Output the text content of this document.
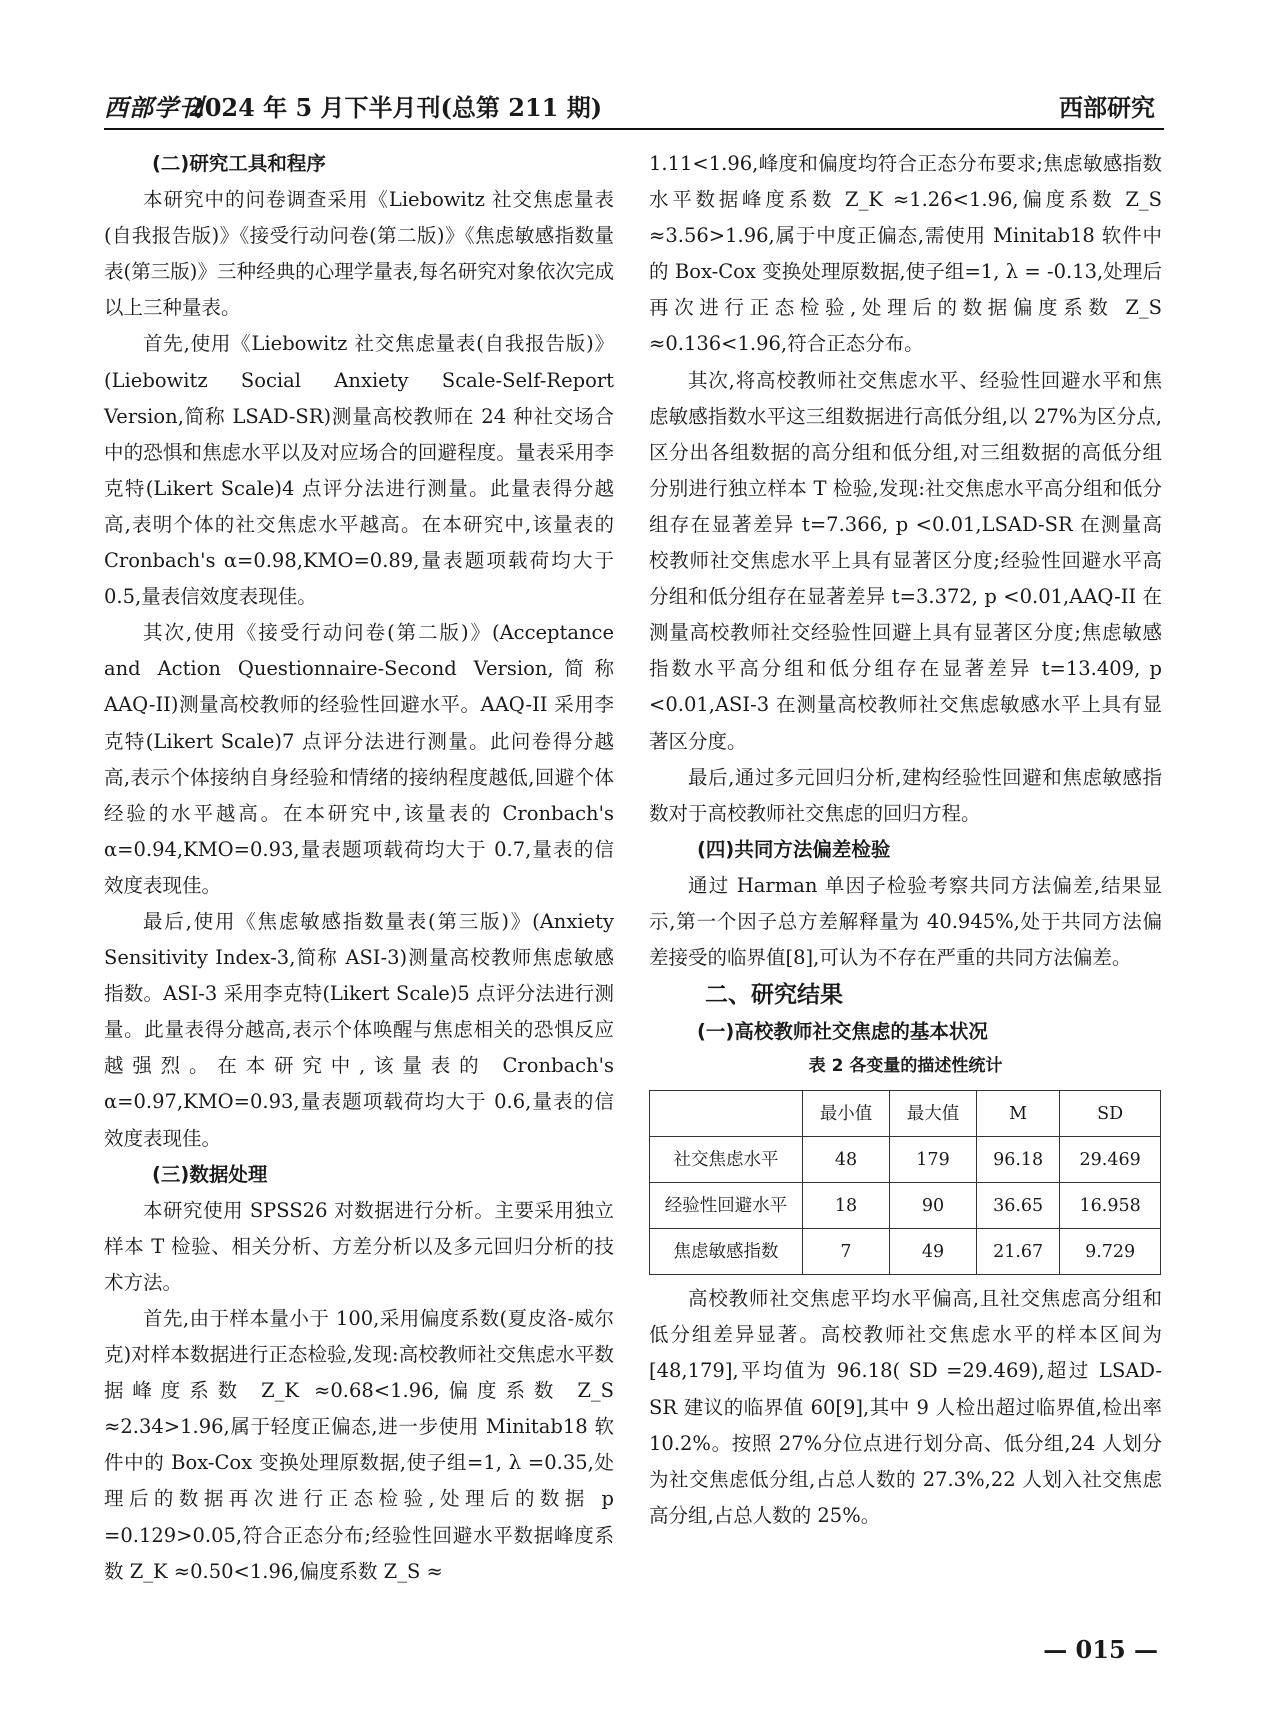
西部学刊
2024 年 5 月下半月刊(总第 211 期)	西部研究
(二)研究工具和程序

本研究中的问卷调查采用《Liebowitz 社交焦虑量表(自我报告版)》《接受行动问卷(第二版)》《焦虑敏感指数量表(第三版)》三种经典的心理学量表,每名研究对象依次完成以上三种量表。

首先,使用《Liebowitz 社交焦虑量表(自我报告版)》(Liebowitz Social Anxiety Scale-Self-Report Version,简称 LSAD-SR)测量高校教师在 24 种社交场合中的恐惧和焦虑水平以及对应场合的回避程度。量表采用李克特(Likert Scale)4 点评分法进行测量。此量表得分越高,表明个体的社交焦虑水平越高。在本研究中,该量表的 Cronbach's α=0.98,KMO=0.89,量表题项载荷均大于 0.5,量表信效度表现佳。

其次,使用《接受行动问卷(第二版)》(Acceptance and Action Questionnaire-Second Version,简称 AAQ-II)测量高校教师的经验性回避水平。AAQ-II 采用李克特(Likert Scale)7 点评分法进行测量。此问卷得分越高,表示个体接纳自身经验和情绪的接纳程度越低,回避个体经验的水平越高。在本研究中,该量表的 Cronbach's α=0.94,KMO=0.93,量表题项载荷均大于 0.7,量表的信效度表现佳。

最后,使用《焦虑敏感指数量表(第三版)》(Anxiety Sensitivity Index-3,简称 ASI-3)测量高校教师焦虑敏感指数。ASI-3 采用李克特(Likert Scale)5 点评分法进行测量。此量表得分越高,表示个体唤醒与焦虑相关的恐惧反应越强烈。在本研究中,该量表的 Cronbach's α=0.97,KMO=0.93,量表题项载荷均大于 0.6,量表的信效度表现佳。

(三)数据处理

本研究使用 SPSS26 对数据进行分析。主要采用独立样本 T 检验、相关分析、方差分析以及多元回归分析的技术方法。

首先,由于样本量小于 100,采用偏度系数(夏皮洛-威尔克)对样本数据进行正态检验,发现:高校教师社交焦虑水平数据峰度系数 Z_K ≈0.68<1.96,偏度系数 Z_S ≈2.34>1.96,属于轻度正偏态,进一步使用 Minitab18 软件中的 Box-Cox 变换处理原数据,使子组=1, λ =0.35,处理后的数据再次进行正态检验,处理后的数据 p =0.129>0.05,符合正态分布;经验性回避水平数据峰度系数 Z_K ≈0.50<1.96,偏度系数 Z_S ≈

1.11<1.96,峰度和偏度均符合正态分布要求;焦虑敏感指数水平数据峰度系数 Z_K ≈1.26<1.96,偏度系数 Z_S ≈3.56>1.96,属于中度正偏态,需使用 Minitab18 软件中的 Box-Cox 变换处理原数据,使子组=1, λ = -0.13,处理后再次进行正态检验,处理后的数据偏度系数 Z_S ≈0.136<1.96,符合正态分布。

其次,将高校教师社交焦虑水平、经验性回避水平和焦虑敏感指数水平这三组数据进行高低分组,以 27%为区分点,区分出各组数据的高分组和低分组,对三组数据的高低分组分别进行独立样本 T 检验,发现:社交焦虑水平高分组和低分组存在显著差异 t=7.366, p <0.01,LSAD-SR 在测量高校教师社交焦虑水平上具有显著区分度;经验性回避水平高分组和低分组存在显著差异 t=3.372, p <0.01,AAQ-II 在测量高校教师社交经验性回避上具有显著区分度;焦虑敏感指数水平高分组和低分组存在显著差异 t=13.409, p <0.01,ASI-3 在测量高校教师社交焦虑敏感水平上具有显著区分度。

最后,通过多元回归分析,建构经验性回避和焦虑敏感指数对于高校教师社交焦虑的回归方程。

(四)共同方法偏差检验

通过 Harman 单因子检验考察共同方法偏差,结果显示,第一个因子总方差解释量为 40.945%,处于共同方法偏差接受的临界值[8],可认为不存在严重的共同方法偏差。

二、研究结果
(一)高校教师社交焦虑的基本状况
表 2 各变量的描述性统计
	最小值	最大值	M	SD
社交焦虑水平	48	179	96.18	29.469
经验性回避水平	18	90	36.65	16.958
焦虑敏感指数	7	49	21.67	9.729

高校教师社交焦虑平均水平偏高,且社交焦虑高分组和低分组差异显著。高校教师社交焦虑水平的样本区间为[48,179],平均值为 96.18( SD =29.469),超过 LSAD-SR 建议的临界值 60[9],其中 9 人检出超过临界值,检出率 10.2%。按照 27%分位点进行划分高、低分组,24 人划分为社交焦虑低分组,占总人数的 27.3%,22 人划入社交焦虑高分组,占总人数的 25%。

— 015 —
